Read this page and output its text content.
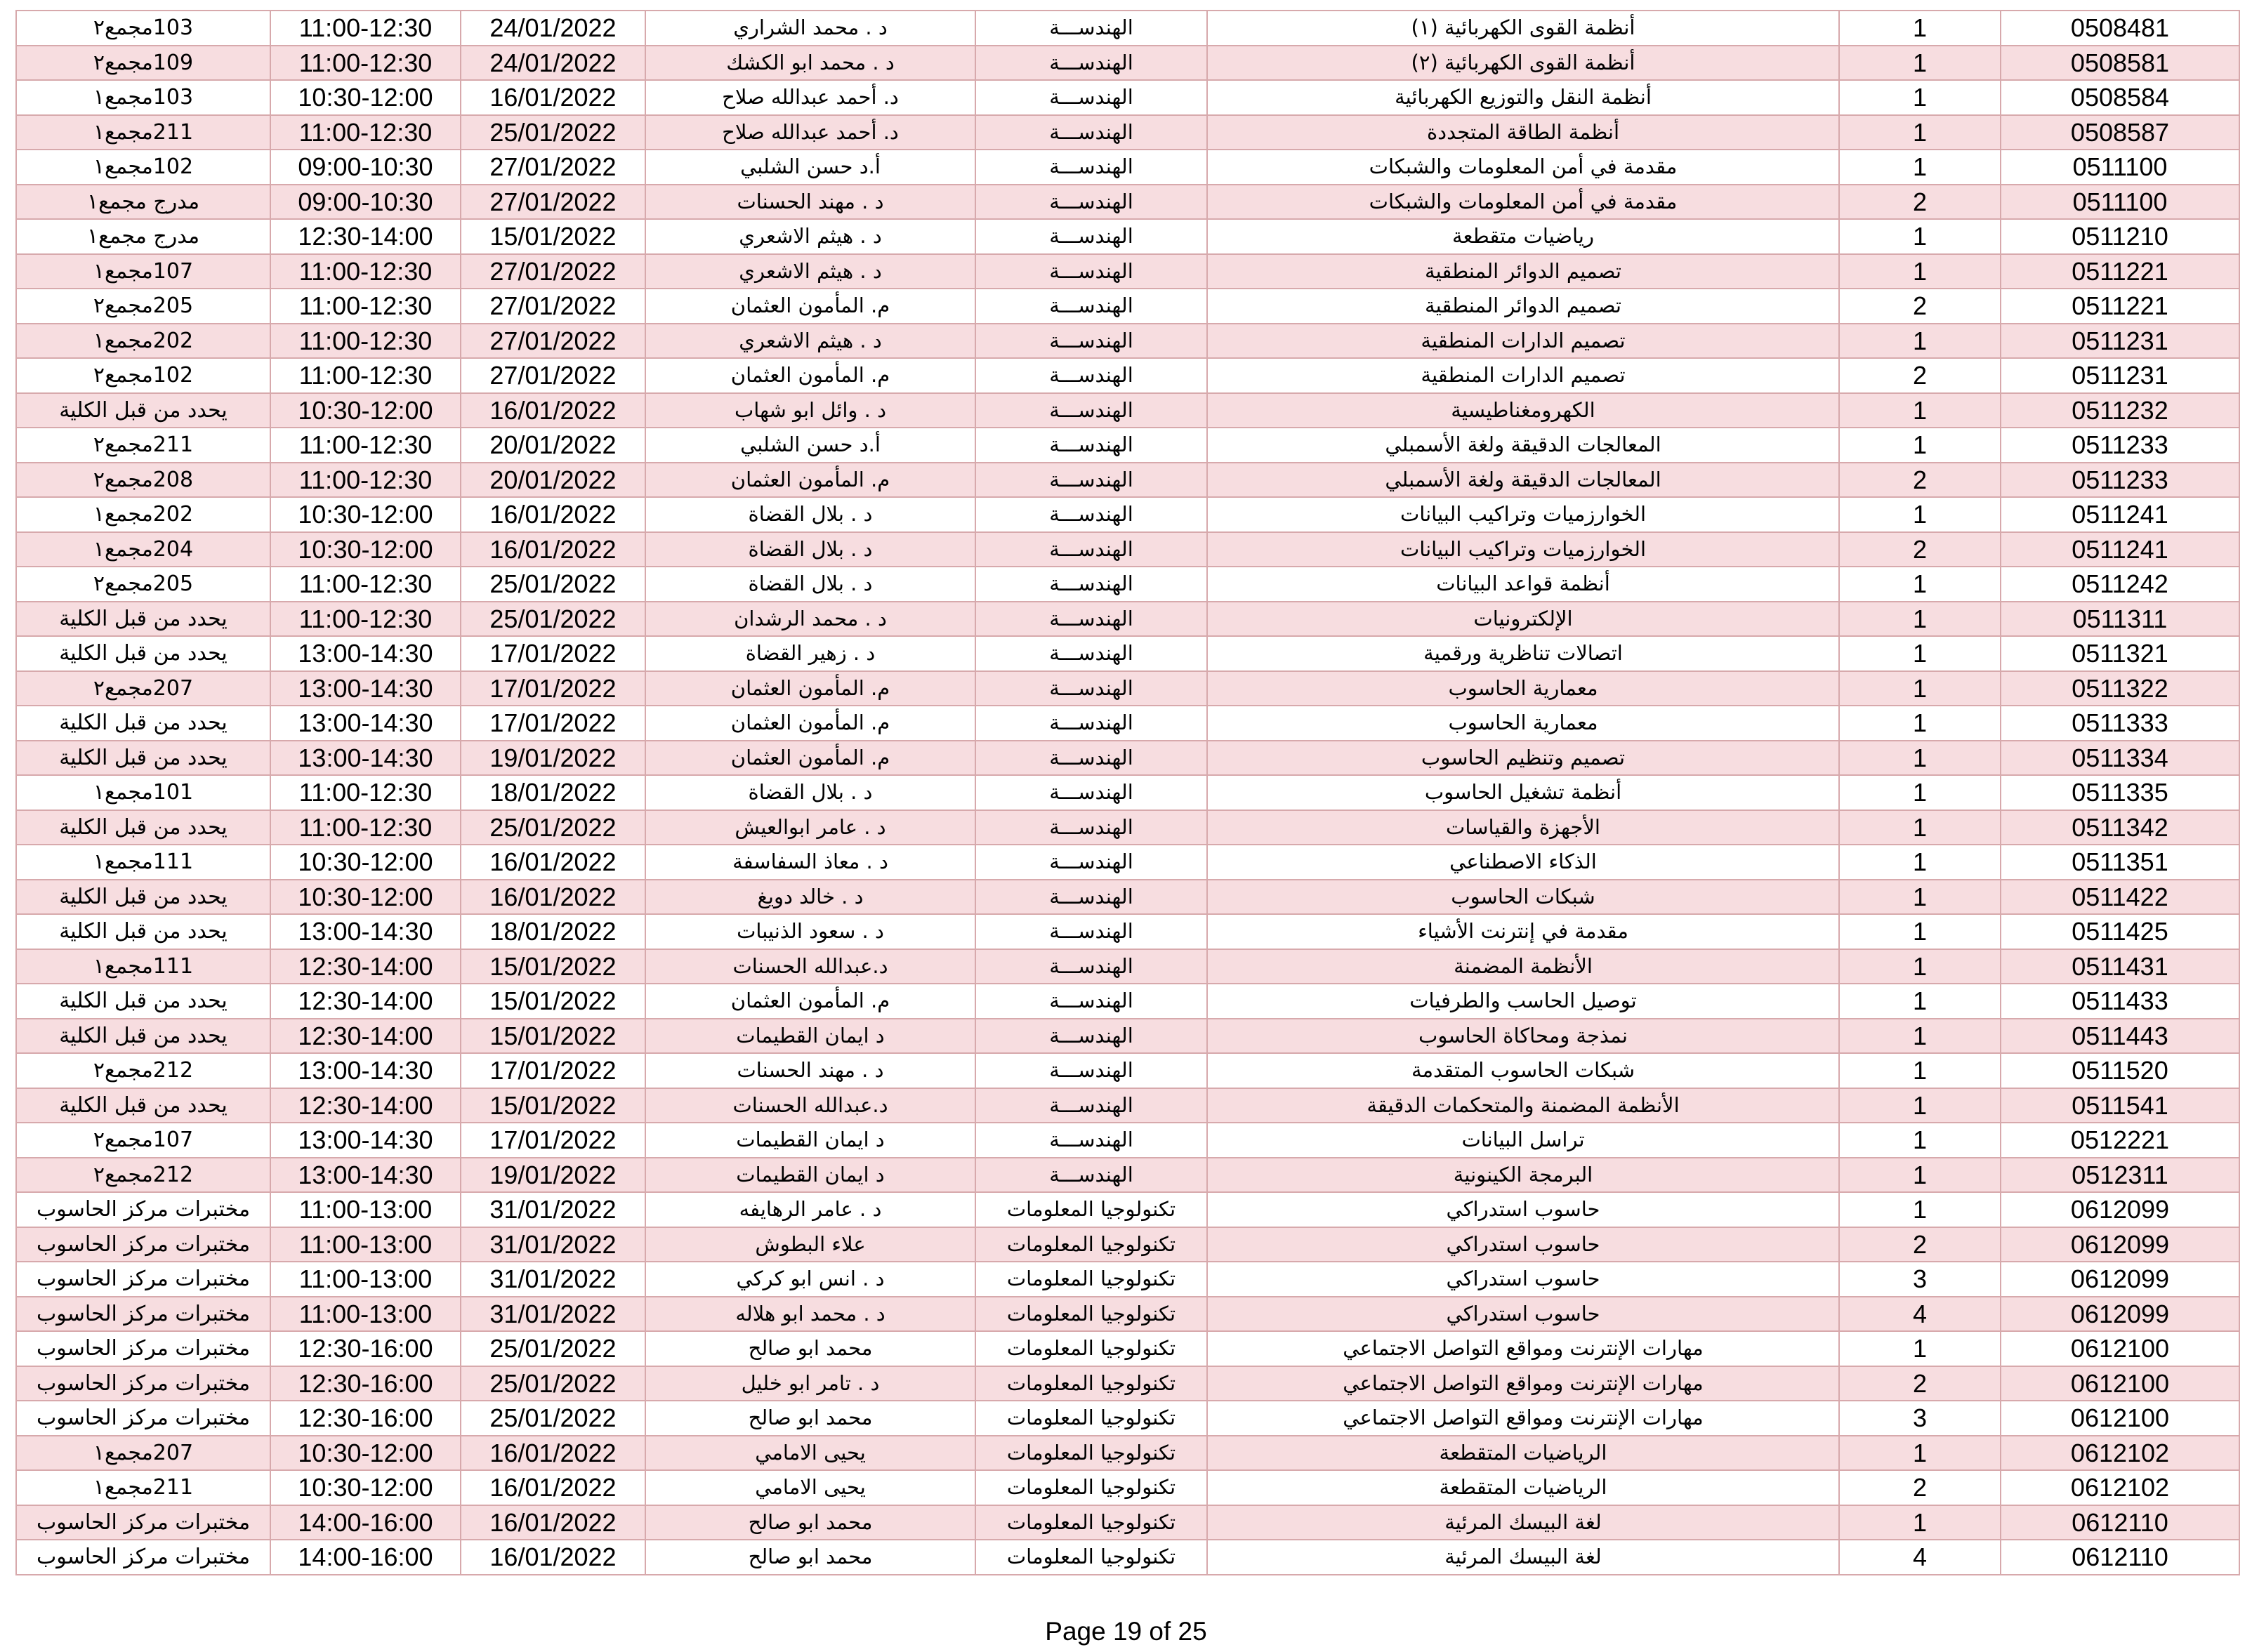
103مجمع٢	11:00-12:30	24/01/2022	د . محمد الشراري	الهندســـة	أنظمة القوى الكهربائية (١)	1	0508481
109مجمع٢	11:00-12:30	24/01/2022	د . محمد ابو الكشك	الهندســـة	أنظمة القوى الكهربائية (٢)	1	0508581
103مجمع١	10:30-12:00	16/01/2022	د. أحمد عبدالله صلاح	الهندســـة	أنظمة النقل والتوزيع الكهربائية	1	0508584
211مجمع١	11:00-12:30	25/01/2022	د. أحمد عبدالله صلاح	الهندســـة	أنظمة الطاقة المتجددة	1	0508587
102مجمع١	09:00-10:30	27/01/2022	أ.د حسن الشلبي	الهندســـة	مقدمة في أمن المعلومات والشبكات	1	0511100
مدرج مجمع١	09:00-10:30	27/01/2022	د . مهند الحسنات	الهندســـة	مقدمة في أمن المعلومات والشبكات	2	0511100
مدرج مجمع١	12:30-14:00	15/01/2022	د . هيثم الاشعري	الهندســـة	رياضيات متقطعة	1	0511210
107مجمع١	11:00-12:30	27/01/2022	د . هيثم الاشعري	الهندســـة	تصميم الدوائر المنطقية	1	0511221
205مجمع٢	11:00-12:30	27/01/2022	م. المأمون العثمان	الهندســـة	تصميم الدوائر المنطقية	2	0511221
202مجمع١	11:00-12:30	27/01/2022	د . هيثم الاشعري	الهندســـة	تصميم الدارات المنطقية	1	0511231
102مجمع٢	11:00-12:30	27/01/2022	م. المأمون العثمان	الهندســـة	تصميم الدارات المنطقية	2	0511231
يحدد من قبل الكلية	10:30-12:00	16/01/2022	د . وائل ابو شهاب	الهندســـة	الكهرومغناطيسية	1	0511232
211مجمع٢	11:00-12:30	20/01/2022	أ.د حسن الشلبي	الهندســـة	المعالجات الدقيقة ولغة الأسمبلي	1	0511233
208مجمع٢	11:00-12:30	20/01/2022	م. المأمون العثمان	الهندســـة	المعالجات الدقيقة ولغة الأسمبلي	2	0511233
202مجمع١	10:30-12:00	16/01/2022	د . بلال القضاة	الهندســـة	الخوارزميات وتراكيب البيانات	1	0511241
204مجمع١	10:30-12:00	16/01/2022	د . بلال القضاة	الهندســـة	الخوارزميات وتراكيب البيانات	2	0511241
205مجمع٢	11:00-12:30	25/01/2022	د . بلال القضاة	الهندســـة	أنظمة قواعد البيانات	1	0511242
يحدد من قبل الكلية	11:00-12:30	25/01/2022	د . محمد الرشدان	الهندســـة	الإلكترونيات	1	0511311
يحدد من قبل الكلية	13:00-14:30	17/01/2022	د . زهير القضاة	الهندســـة	اتصالات تناظرية ورقمية	1	0511321
207مجمع٢	13:00-14:30	17/01/2022	م. المأمون العثمان	الهندســـة	معمارية الحاسوب	1	0511322
يحدد من قبل الكلية	13:00-14:30	17/01/2022	م. المأمون العثمان	الهندســـة	معمارية الحاسوب	1	0511333
يحدد من قبل الكلية	13:00-14:30	19/01/2022	م. المأمون العثمان	الهندســـة	تصميم وتنظيم الحاسوب	1	0511334
101مجمع١	11:00-12:30	18/01/2022	د . بلال القضاة	الهندســـة	أنظمة تشغيل الحاسوب	1	0511335
يحدد من قبل الكلية	11:00-12:30	25/01/2022	د . عامر ابوالعيش	الهندســـة	الأجهزة والقياسات	1	0511342
111مجمع١	10:30-12:00	16/01/2022	د . معاذ السفاسفة	الهندســـة	الذكاء الاصطناعي	1	0511351
يحدد من قبل الكلية	10:30-12:00	16/01/2022	د . خالد دويغ	الهندســـة	شبكات الحاسوب	1	0511422
يحدد من قبل الكلية	13:00-14:30	18/01/2022	د . سعود الذنيبات	الهندســـة	مقدمة في إنترنت الأشياء	1	0511425
111مجمع١	12:30-14:00	15/01/2022	د.عبدالله الحسنات	الهندســـة	الأنظمة المضمنة	1	0511431
يحدد من قبل الكلية	12:30-14:00	15/01/2022	م. المأمون العثمان	الهندســـة	توصيل الحاسب والطرفيات	1	0511433
يحدد من قبل الكلية	12:30-14:00	15/01/2022	د ايمان القطيمات	الهندســـة	نمذجة ومحاكاة الحاسوب	1	0511443
212مجمع٢	13:00-14:30	17/01/2022	د . مهند الحسنات	الهندســـة	شبكات الحاسوب المتقدمة	1	0511520
يحدد من قبل الكلية	12:30-14:00	15/01/2022	د.عبدالله الحسنات	الهندســـة	الأنظمة المضمنة والمتحكمات الدقيقة	1	0511541
107مجمع٢	13:00-14:30	17/01/2022	د ايمان القطيمات	الهندســـة	تراسل البيانات	1	0512221
212مجمع٢	13:00-14:30	19/01/2022	د ايمان القطيمات	الهندســـة	البرمجة الكينونية	1	0512311
مختبرات مركز الحاسوب	11:00-13:00	31/01/2022	د . عامر الرهايفه	تكنولوجيا المعلومات	حاسوب استدراكي	1	0612099
مختبرات مركز الحاسوب	11:00-13:00	31/01/2022	علاء البطوش	تكنولوجيا المعلومات	حاسوب استدراكي	2	0612099
مختبرات مركز الحاسوب	11:00-13:00	31/01/2022	د . انس ابو كركي	تكنولوجيا المعلومات	حاسوب استدراكي	3	0612099
مختبرات مركز الحاسوب	11:00-13:00	31/01/2022	د . محمد ابو هلاله	تكنولوجيا المعلومات	حاسوب استدراكي	4	0612099
مختبرات مركز الحاسوب	12:30-16:00	25/01/2022	محمد ابو صالح	تكنولوجيا المعلومات	مهارات الإنترنت ومواقع التواصل الاجتماعي	1	0612100
مختبرات مركز الحاسوب	12:30-16:00	25/01/2022	د . تامر ابو خليل	تكنولوجيا المعلومات	مهارات الإنترنت ومواقع التواصل الاجتماعي	2	0612100
مختبرات مركز الحاسوب	12:30-16:00	25/01/2022	محمد ابو صالح	تكنولوجيا المعلومات	مهارات الإنترنت ومواقع التواصل الاجتماعي	3	0612100
207مجمع١	10:30-12:00	16/01/2022	يحيى الامامي	تكنولوجيا المعلومات	الرياضيات المتقطعة	1	0612102
211مجمع١	10:30-12:00	16/01/2022	يحيى الامامي	تكنولوجيا المعلومات	الرياضيات المتقطعة	2	0612102
مختبرات مركز الحاسوب	14:00-16:00	16/01/2022	محمد ابو صالح	تكنولوجيا المعلومات	لغة البيسك المرئية	1	0612110
مختبرات مركز الحاسوب	14:00-16:00	16/01/2022	محمد ابو صالح	تكنولوجيا المعلومات	لغة البيسك المرئية	4	0612110
Page 19 of 25
